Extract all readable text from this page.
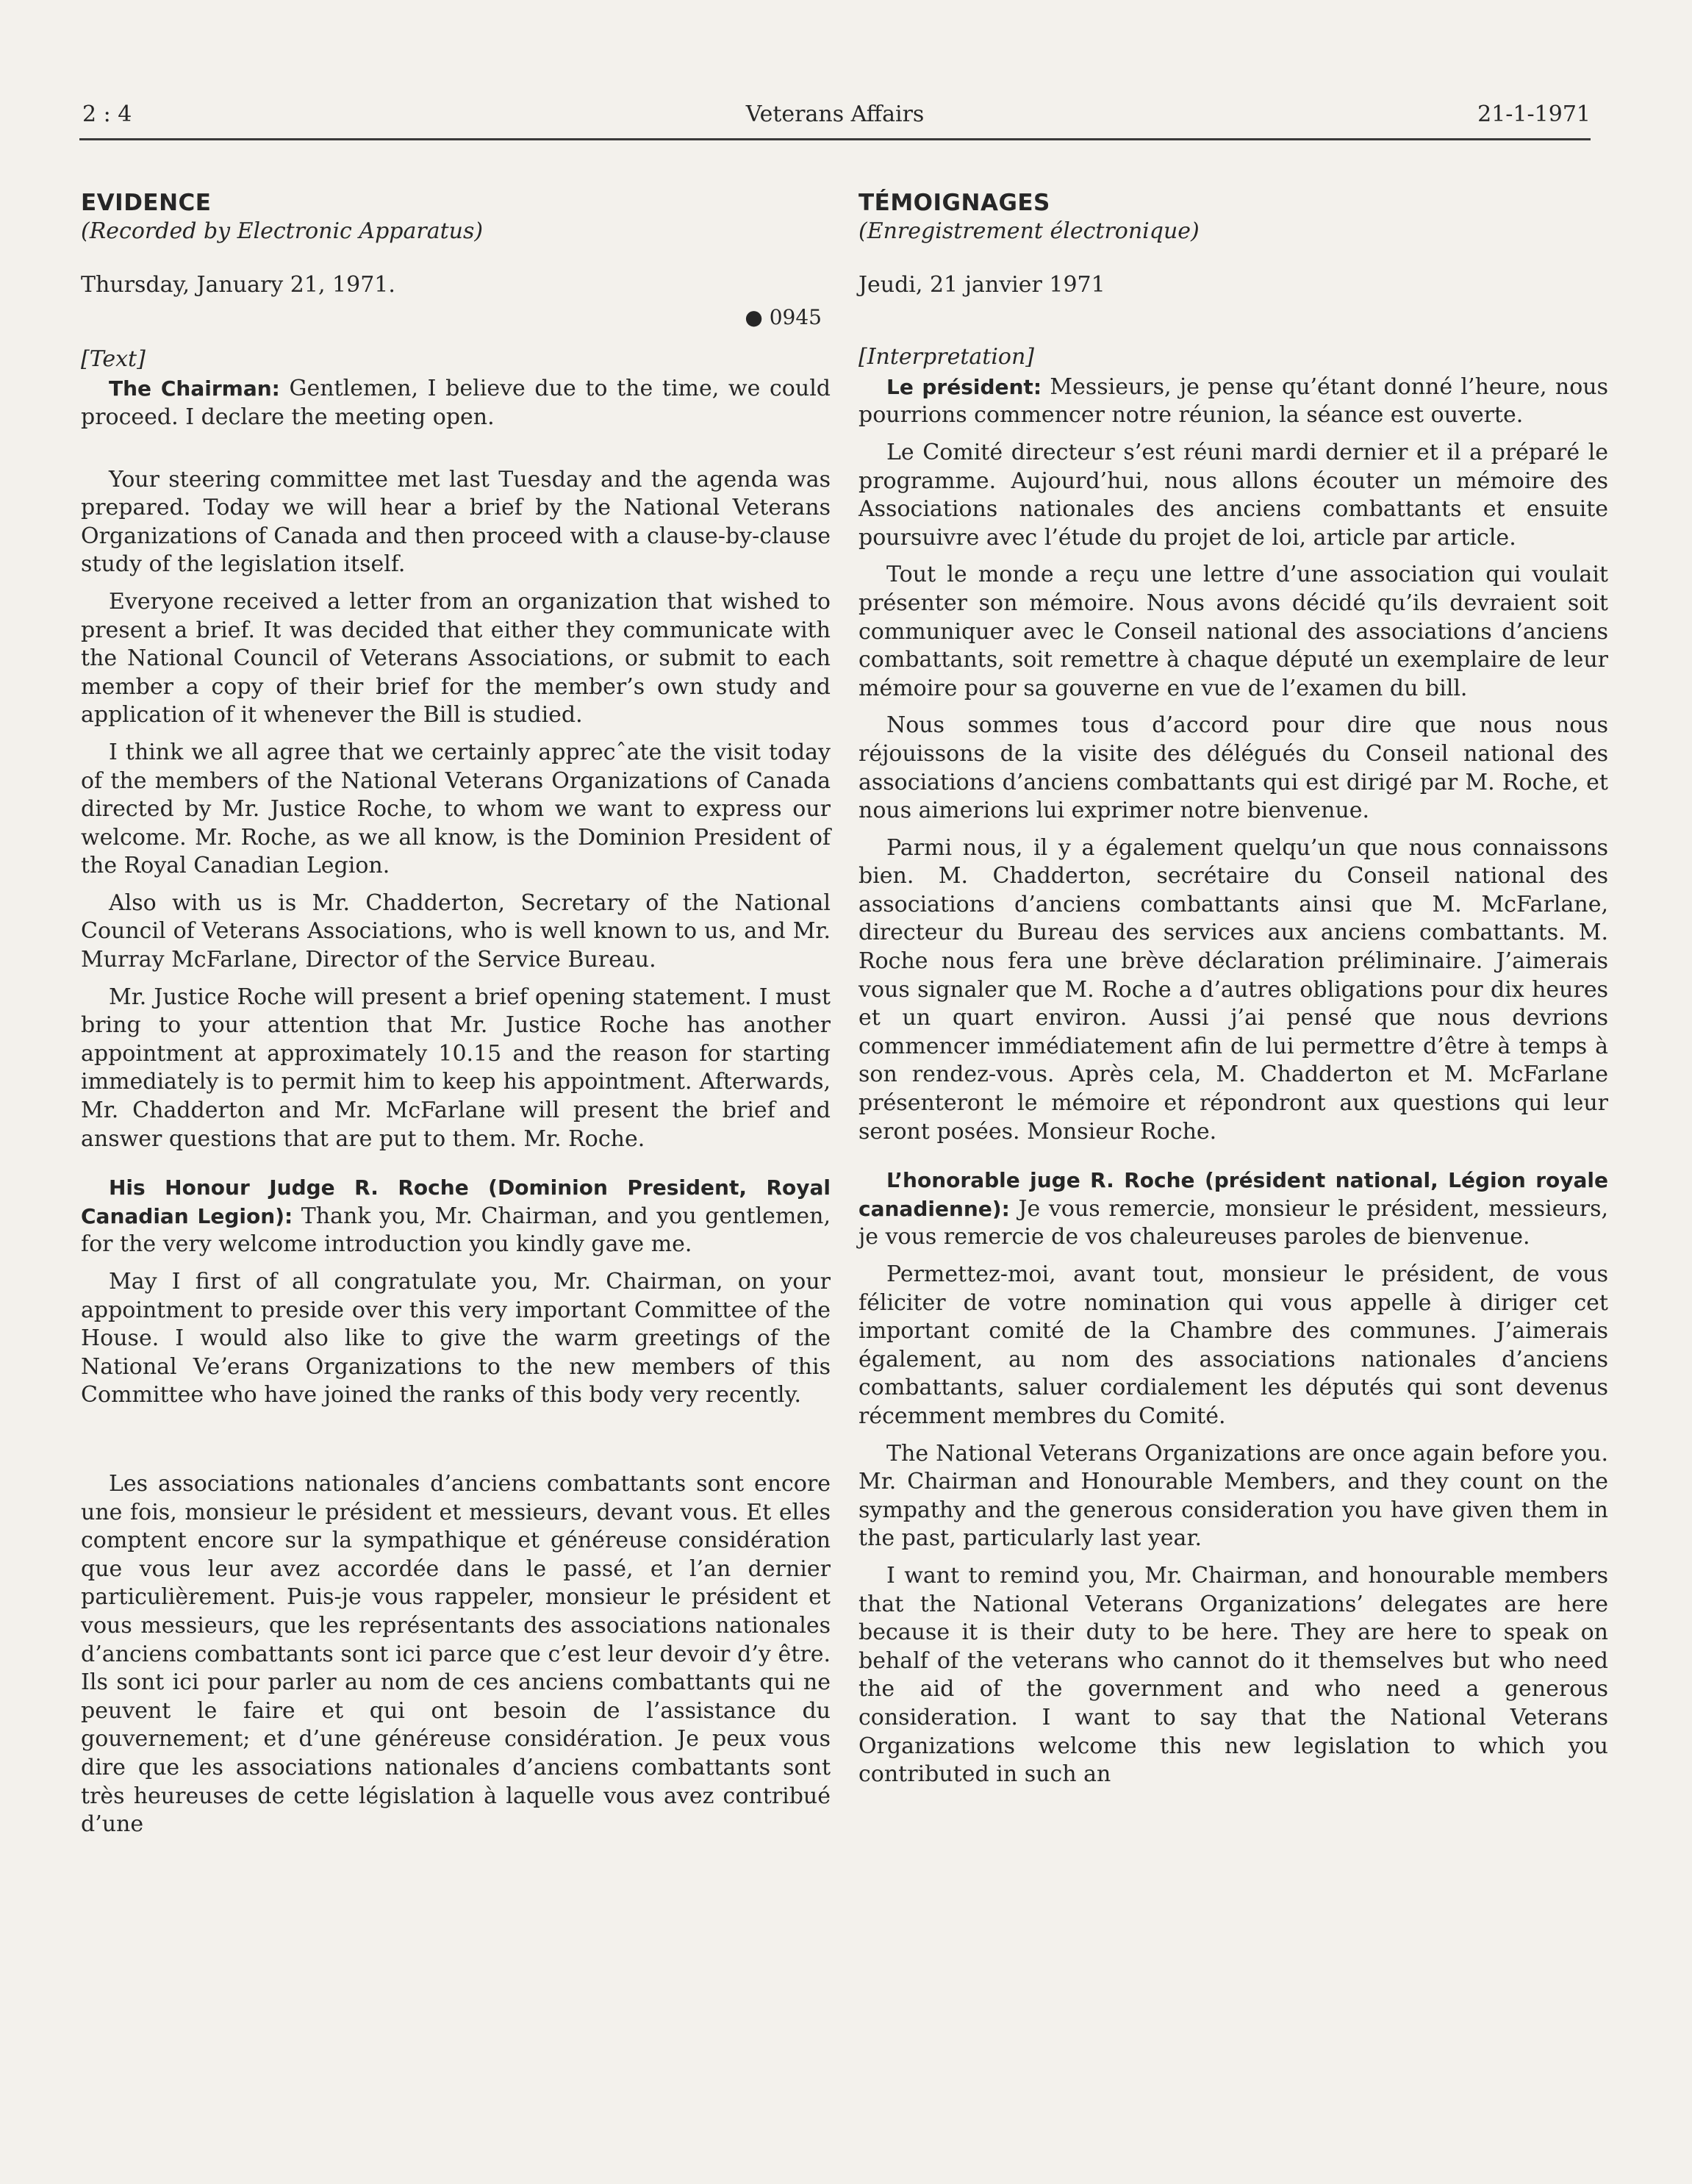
2 : 4	Veterans Affairs	21-1-1971

EVIDENCE

(Recorded by Electronic Apparatus)

Thursday, January 21, 1971.

● 0945

[Text]

The Chairman: Gentlemen, I believe due to the time, we could proceed. I declare the meeting open.

Your steering committee met last Tuesday and the agenda was prepared. Today we will hear a brief by the National Veterans Organizations of Canada and then proceed with a clause-by-clause study of the legislation itself.

Everyone received a letter from an organization that wished to present a brief. It was decided that either they communicate with the National Council of Veterans Associations, or submit to each member a copy of their brief for the member’s own study and application of it whenever the Bill is studied.

I think we all agree that we certainly apprecˆate the visit today of the members of the National Veterans Organizations of Canada directed by Mr. Justice Roche, to whom we want to express our welcome. Mr. Roche, as we all know, is the Dominion President of the Royal Canadian Legion.

Also with us is Mr. Chadderton, Secretary of the National Council of Veterans Associations, who is well known to us, and Mr. Murray McFarlane, Director of the Service Bureau.

Mr. Justice Roche will present a brief opening statement. I must bring to your attention that Mr. Justice Roche has another appointment at approximately 10.15 and the reason for starting immediately is to permit him to keep his appointment. Afterwards, Mr. Chadderton and Mr. McFarlane will present the brief and answer questions that are put to them. Mr. Roche.

His Honour Judge R. Roche (Dominion President, Royal Canadian Legion): Thank you, Mr. Chairman, and you gentlemen, for the very welcome introduction you kindly gave me.

May I first of all congratulate you, Mr. Chairman, on your appointment to preside over this very important Committee of the House. I would also like to give the warm greetings of the National Veʼerans Organizations to the new members of this Committee who have joined the ranks of this body very recently.

Les associations nationales d’anciens combattants sont encore une fois, monsieur le président et messieurs, devant vous. Et elles comptent encore sur la sympathique et généreuse considération que vous leur avez accordée dans le passé, et l’an dernier particulièrement. Puis-je vous rappeler, monsieur le président et vous messieurs, que les représentants des associations nationales d’anciens combattants sont ici parce que c’est leur devoir d’y être. Ils sont ici pour parler au nom de ces anciens combattants qui ne peuvent le faire et qui ont besoin de l’assistance du gouvernement; et d’une généreuse considération. Je peux vous dire que les associations nationales d’anciens combattants sont très heureuses de cette législation à laquelle vous avez contribué d’une

TÉMOIGNAGES

(Enregistrement électronique)

Jeudi, 21 janvier 1971

[Interpretation]

Le président: Messieurs, je pense qu’étant donné l’heure, nous pourrions commencer notre réunion, la séance est ouverte.

Le Comité directeur s’est réuni mardi dernier et il a préparé le programme. Aujourd’hui, nous allons écouter un mémoire des Associations nationales des anciens combattants et ensuite poursuivre avec l’étude du projet de loi, article par article.

Tout le monde a reçu une lettre d’une association qui voulait présenter son mémoire. Nous avons décidé qu’ils devraient soit communiquer avec le Conseil national des associations d’anciens combattants, soit remettre à chaque député un exemplaire de leur mémoire pour sa gouverne en vue de l’examen du bill.

Nous sommes tous d’accord pour dire que nous nous réjouissons de la visite des délégués du Conseil national des associations d’anciens combattants qui est dirigé par M. Roche, et nous aimerions lui exprimer notre bienvenue.

Parmi nous, il y a également quelqu’un que nous connaissons bien. M. Chadderton, secrétaire du Conseil national des associations d’anciens combattants ainsi que M. McFarlane, directeur du Bureau des services aux anciens combattants. M. Roche nous fera une brève déclaration préliminaire. J’aimerais vous signaler que M. Roche a d’autres obligations pour dix heures et un quart environ. Aussi j’ai pensé que nous devrions commencer immédiatement afin de lui permettre d’être à temps à son rendez-vous. Après cela, M. Chadderton et M. McFarlane présenteront le mémoire et répondront aux questions qui leur seront posées. Monsieur Roche.

L’honorable juge R. Roche (président national, Légion royale canadienne): Je vous remercie, monsieur le président, messieurs, je vous remercie de vos chaleureuses paroles de bienvenue.

Permettez-moi, avant tout, monsieur le président, de vous féliciter de votre nomination qui vous appelle à diriger cet important comité de la Chambre des communes. J’aimerais également, au nom des associations nationales d’anciens combattants, saluer cordialement les députés qui sont devenus récemment membres du Comité.

The National Veterans Organizations are once again before you. Mr. Chairman and Honourable Members, and they count on the sympathy and the generous consideration you have given them in the past, particularly last year.

I want to remind you, Mr. Chairman, and honourable members that the National Veterans Organizations’ delegates are here because it is their duty to be here. They are here to speak on behalf of the veterans who cannot do it themselves but who need the aid of the government and who need a generous consideration. I want to say that the National Veterans Organizations welcome this new legislation to which you contributed in such an
